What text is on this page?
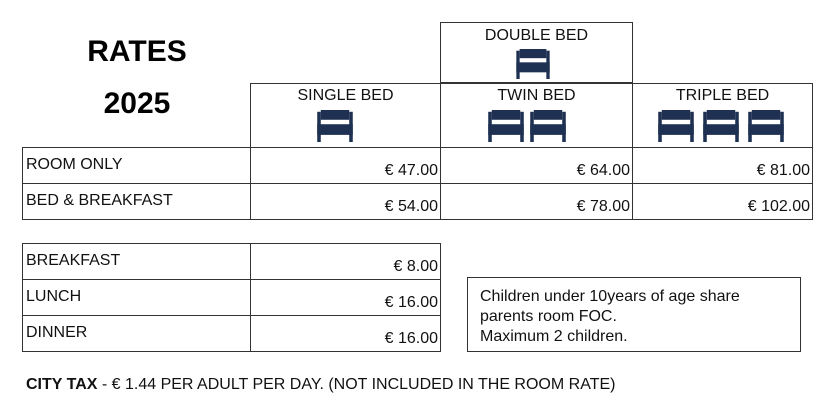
RATES
2025
DOUBLE BED
SINGLE BED	TWIN BED	TRIPLE BED
ROOM ONLY	€ 47.00	€ 64.00	€ 81.00
BED & BREAKFAST	€ 54.00	€ 78.00	€ 102.00
BREAKFAST	€ 8.00
LUNCH	€ 16.00
DINNER	€ 16.00
Children under 10years of age share
parents room FOC.
Maximum 2 children.
CITY TAX - € 1.44 PER ADULT PER DAY. (NOT INCLUDED IN THE ROOM RATE)
